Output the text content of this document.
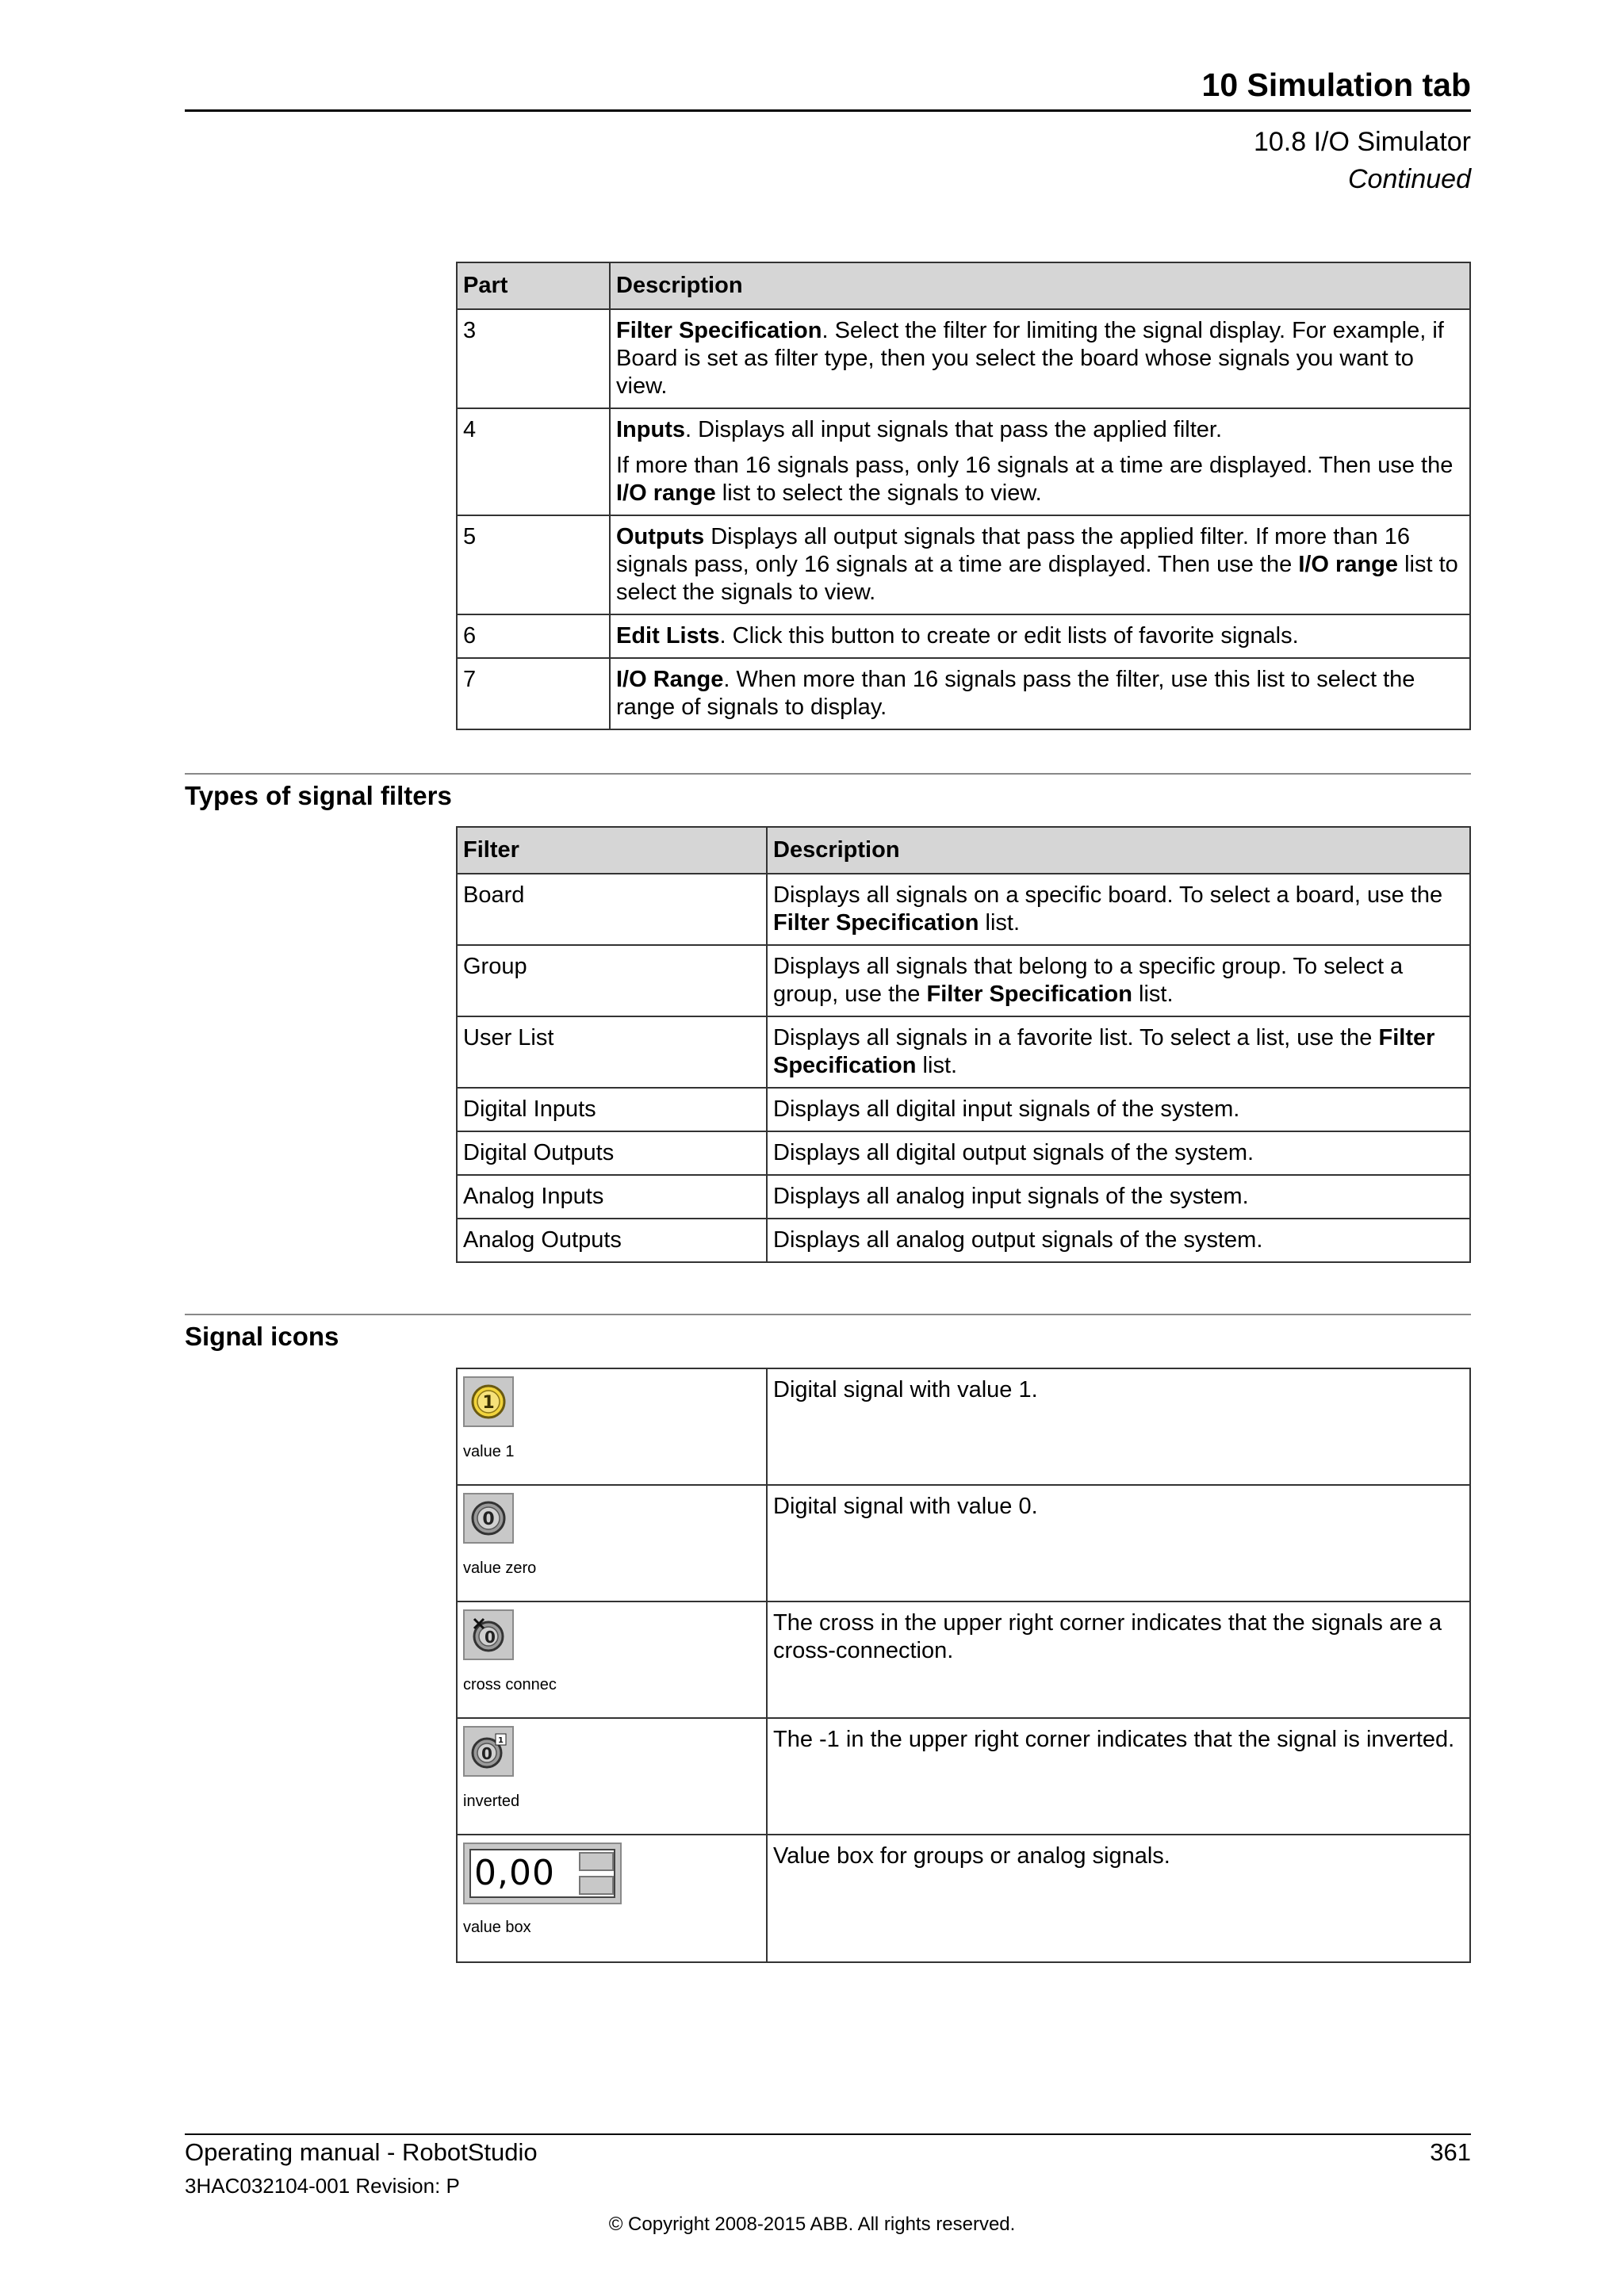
10 Simulation tab
10.8 I/O Simulator
Continued
Part	Description
3	Filter Specification. Select the filter for limiting the signal display. For example, if Board is set as filter type, then you select the board whose signals you want to view.
4	Inputs. Displays all input signals that pass the applied filter.
If more than 16 signals pass, only 16 signals at a time are displayed. Then use the I/O range list to select the signals to view.

5	Outputs Displays all output signals that pass the applied filter. If more than 16 signals pass, only 16 signals at a time are displayed. Then use the I/O range list to select the signals to view.
6	Edit Lists. Click this button to create or edit lists of favorite signals.
7	I/O Range. When more than 16 signals pass the filter, use this list to select the range of signals to display.
Types of signal filters
Filter	Description
Board	Displays all signals on a specific board. To select a board, use the Filter Specification list.
Group	Displays all signals that belong to a specific group. To select a group, use the Filter Specification list.
User List	Displays all signals in a favorite list. To select a list, use the Filter Specification list.
Digital Inputs	Displays all digital input signals of the system.
Digital Outputs	Displays all digital output signals of the system.
Analog Inputs	Displays all analog input signals of the system.
Analog Outputs	Displays all analog output signals of the system.
Signal icons
1
value 1	Digital signal with value 1.

0
value zero	Digital signal with value 0.

0
cross connec	The cross in the upper right corner indicates that the signals are a cross-connection.

0
1
inverted	The -1 in the upper right corner indicates that the signal is inverted.

0,00
value box	Value box for groups or analog signals.
Operating manual - RobotStudio	361
3HAC032104-001 Revision: P
© Copyright 2008-2015 ABB. All rights reserved.
